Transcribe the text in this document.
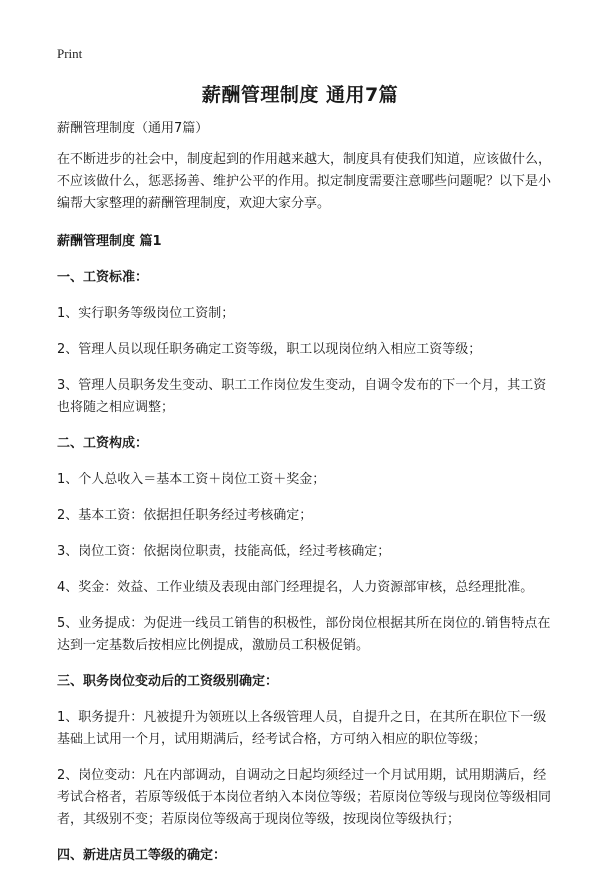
Print
薪酬管理制度 通用7篇

薪酬管理制度（通用7篇）

在不断进步的社会中，制度起到的作用越来越大，制度具有使我们知道，应该做什么，不应该做什么，惩恶扬善、维护公平的作用。拟定制度需要注意哪些问题呢？以下是小编帮大家整理的薪酬管理制度，欢迎大家分享。

薪酬管理制度 篇1

一、工资标准：

1、实行职务等级岗位工资制；

2、管理人员以现任职务确定工资等级，职工以现岗位纳入相应工资等级；

3、管理人员职务发生变动、职工工作岗位发生变动，自调令发布的下一个月，其工资也将随之相应调整；

二、工资构成：

1、个人总收入＝基本工资＋岗位工资＋奖金；

2、基本工资：依据担任职务经过考核确定；

3、岗位工资：依据岗位职责，技能高低，经过考核确定；

4、奖金：效益、工作业绩及表现由部门经理提名，人力资源部审核，总经理批准。

5、业务提成：为促进一线员工销售的积极性，部份岗位根据其所在岗位的.销售特点在达到一定基数后按相应比例提成，激励员工积极促销。

三、职务岗位变动后的工资级别确定：

1、职务提升：凡被提升为领班以上各级管理人员，自提升之日，在其所在职位下一级基础上试用一个月，试用期满后，经考试合格，方可纳入相应的职位等级；

2、岗位变动：凡在内部调动，自调动之日起均须经过一个月试用期，试用期满后，经考试合格者，若原等级低于本岗位者纳入本岗位等级；若原岗位等级与现岗位等级相同者，其级别不变；若原岗位等级高于现岗位等级，按现岗位等级执行；

四、新进店员工等级的确定：
